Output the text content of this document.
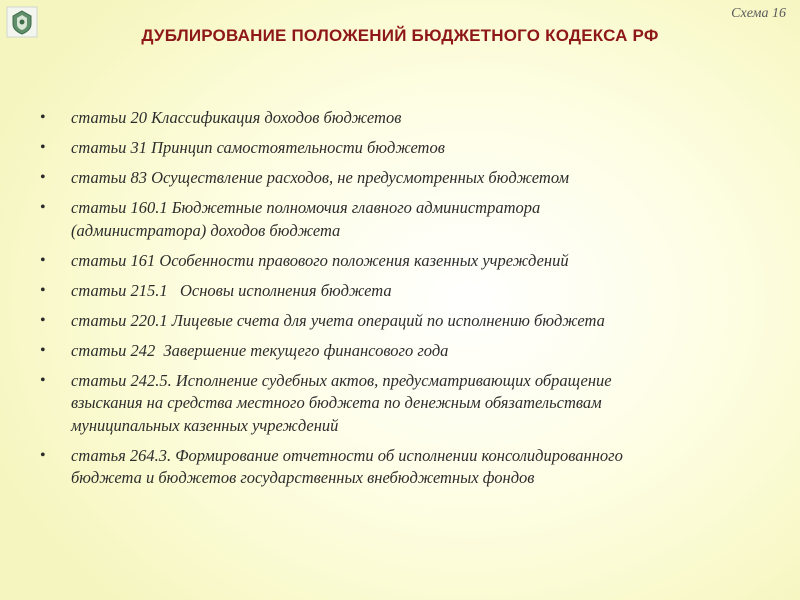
Схема 16
ДУБЛИРОВАНИЕ ПОЛОЖЕНИЙ БЮДЖЕТНОГО КОДЕКСА РФ
• статьи 20 Классификация доходов бюджетов
• статьи 31 Принцип самостоятельности бюджетов
• статьи 83 Осуществление расходов, не предусмотренных бюджетом
• статьи 160.1 Бюджетные полномочия главного администратора
(администратора) доходов бюджета
• статьи 161 Особенности правового положения казенных учреждений
• статьи 215.1   Основы исполнения бюджета
• статьи 220.1 Лицевые счета для учета операций по исполнению бюджета
• статьи 242  Завершение текущего финансового года
• статьи 242.5. Исполнение судебных актов, предусматривающих обращение
взыскания на средства местного бюджета по денежным обязательствам
муниципальных казенных учреждений
• статья 264.3. Формирование отчетности об исполнении консолидированного
бюджета и бюджетов государственных внебюджетных фондов
